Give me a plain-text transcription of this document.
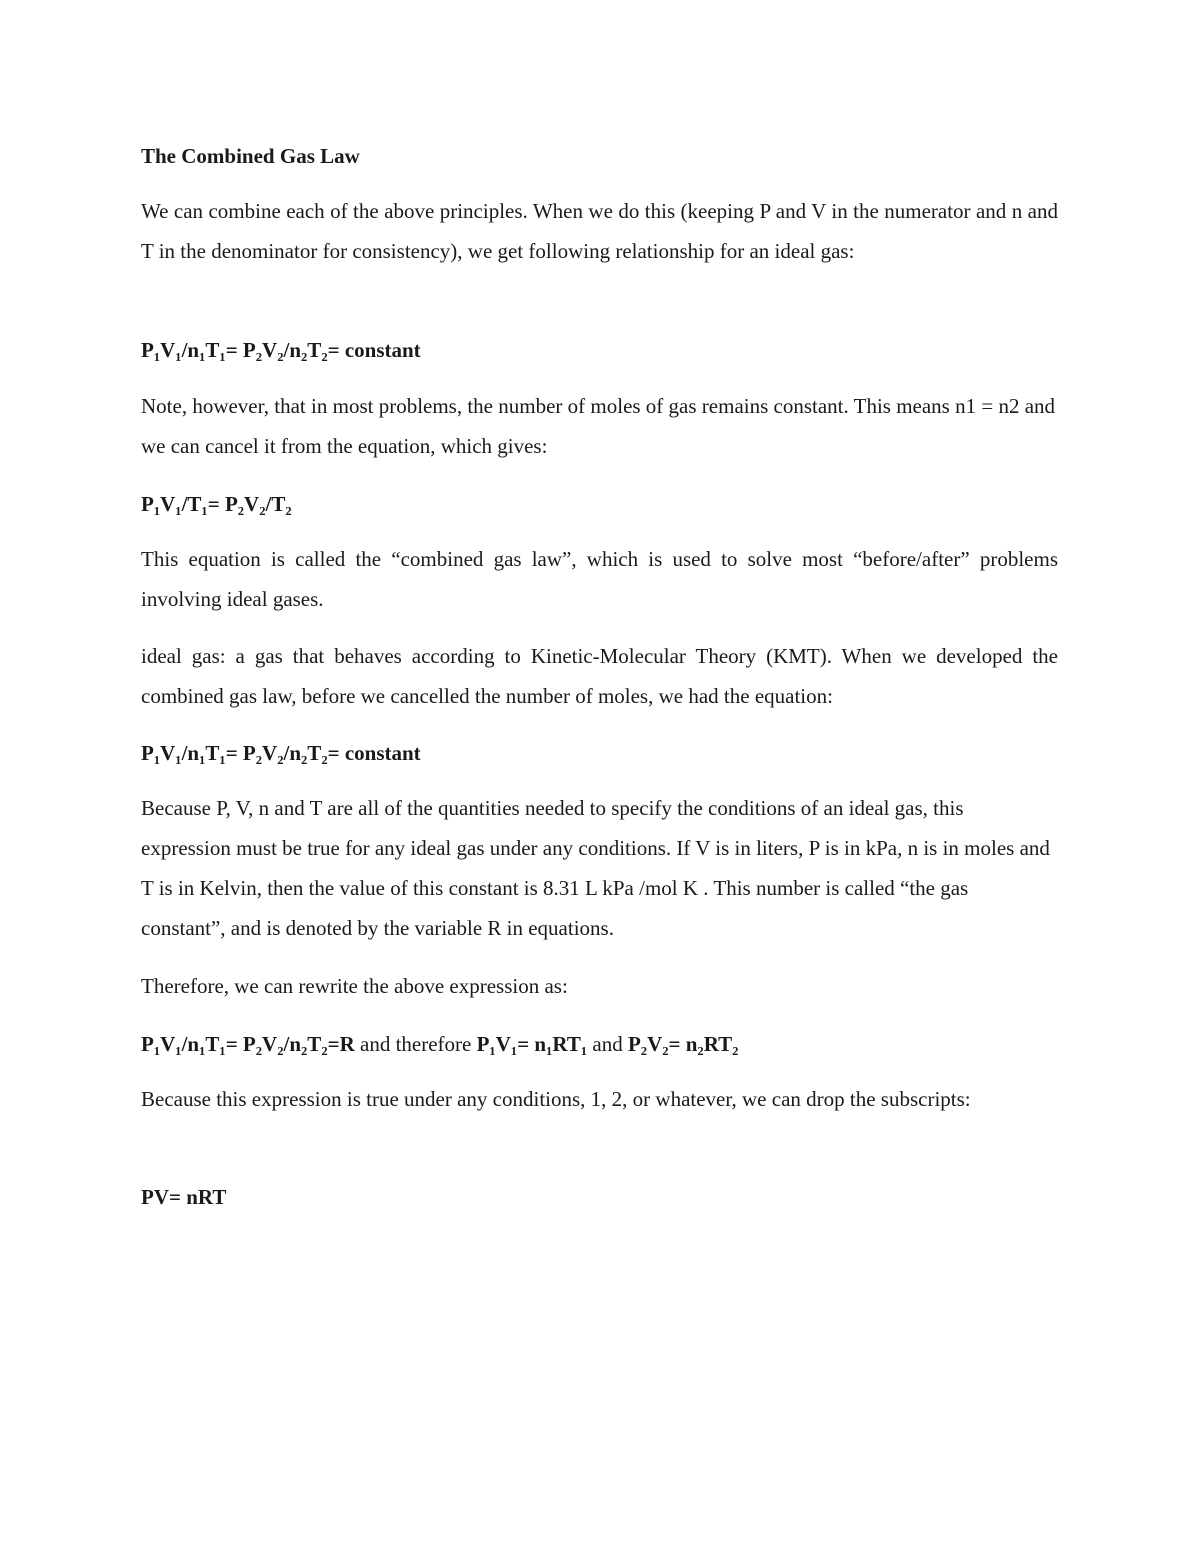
The Combined Gas Law

We can combine each of the above principles. When we do this (keeping P and V in the numerator and n and T in the denominator for consistency), we get following relationship for an ideal gas:

P₁V₁/n₁T₁= P₂V₂/n₂T₂= constant

Note, however, that in most problems, the number of moles of gas remains constant. This means n1 = n2 and we can cancel it from the equation, which gives:

P₁V₁/T₁= P₂V₂/T₂

This equation is called the “combined gas law”, which is used to solve most “before/after” problems involving ideal gases.

ideal gas: a gas that behaves according to Kinetic-Molecular Theory (KMT). When we developed the combined gas law, before we cancelled the number of moles, we had the equation:

P₁V₁/n₁T₁= P₂V₂/n₂T₂= constant

Because P, V, n and T are all of the quantities needed to specify the conditions of an ideal gas, this expression must be true for any ideal gas under any conditions. If V is in liters, P is in kPa, n is in moles and T is in Kelvin, then the value of this constant is 8.31 L kPa /mol K . This number is called “the gas constant”, and is denoted by the variable R in equations.

Therefore, we can rewrite the above expression as:

P₁V₁/n₁T₁= P₂V₂/n₂T₂=R and therefore P₁V₁= n₁RT₁ and P₂V₂= n₂RT₂

Because this expression is true under any conditions, 1, 2, or whatever, we can drop the subscripts:

PV= nRT
